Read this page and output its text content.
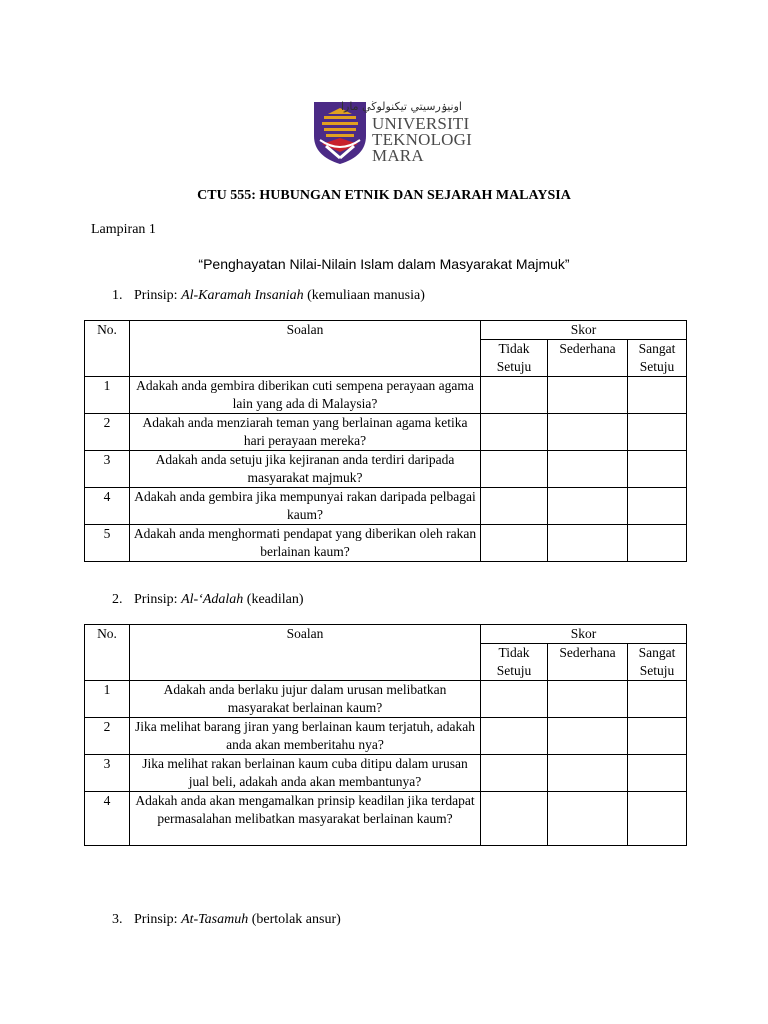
اونيۏرسيتي تيكنولوڬي مارا
UNIVERSITI
TEKNOLOGI
MARA
CTU 555: HUBUNGAN ETNIK DAN SEJARAH MALAYSIA
Lampiran 1
“Penghayatan Nilai-Nilain Islam dalam Masyarakat Majmuk”
1. Prinsip: Al-Karamah Insaniah (kemuliaan manusia)
No.	Soalan	Skor		
		Tidak Setuju	Sederhana	Sangat Setuju
1	Adakah anda gembira diberikan cuti sempena perayaan agama lain yang ada di Malaysia?			
2	Adakah anda menziarah teman yang berlainan agama ketika hari perayaan mereka?			
3	Adakah anda setuju jika kejiranan anda terdiri daripada masyarakat majmuk?			
4	Adakah anda gembira jika mempunyai rakan daripada pelbagai kaum?			
5	Adakah anda menghormati pendapat yang diberikan oleh rakan berlainan kaum?			
2. Prinsip: Al-‘Adalah (keadilan)
No.	Soalan	Skor		
		Tidak Setuju	Sederhana	Sangat Setuju
1	Adakah anda berlaku jujur dalam urusan melibatkan masyarakat berlainan kaum?			
2	Jika melihat barang jiran yang berlainan kaum terjatuh, adakah anda akan memberitahu nya?			
3	Jika melihat rakan berlainan kaum cuba ditipu dalam urusan jual beli, adakah anda akan membantunya?			
4	Adakah anda akan mengamalkan prinsip keadilan jika terdapat permasalahan melibatkan masyarakat berlainan kaum?			
3. Prinsip: At-Tasamuh (bertolak ansur)
